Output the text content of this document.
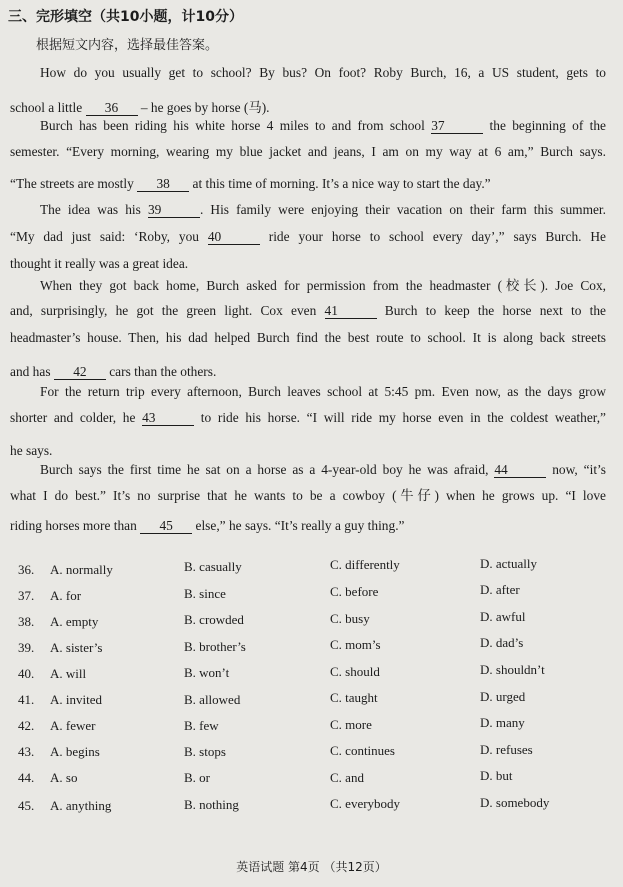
三、完形填空（共10小题，计10分）
根据短文内容，选择最佳答案。
How do you usually get to school? By bus? On foot? Roby Burch, 16, a US student, gets to
school a little 36 – he goes by horse (马).
Burch has been riding his white horse 4 miles to and from school 37	the beginning of the
semester. “Every morning, wearing my blue jacket and jeans, I am on my way at 6 am,” Burch says.
“The streets are mostly 38 at this time of morning. It’s a nice way to start the day.”
The idea was his 39	. His family were enjoying their vacation on their farm this summer.
“My dad just said: ‘Roby, you 40	ride your horse to school every day’,” says Burch. He
thought it really was a great idea.
When they got back home, Burch asked for permission from the headmaster (校长). Joe Cox,
and, surprisingly, he got the green light. Cox even 41	Burch to keep the horse next to the
headmaster’s house. Then, his dad helped Burch find the best route to school. It is along back streets
and has 42 cars than the others.
For the return trip every afternoon, Burch leaves school at 5:45 pm. Even now, as the days grow
shorter and colder, he 43	to ride his horse. “I will ride my horse even in the coldest weather,”
he says.
Burch says the first time he sat on a horse as a 4-year-old boy he was afraid, 44	now, “it’s
what I do best.” It’s no surprise that he wants to be a cowboy (牛仔) when he grows up. “I love
riding horses more than 45 else,” he says. “It’s really a guy thing.”
36. A. normally	B. casually	C. differently	D. actually
37. A. for	B. since	C. before	D. after
38. A. empty	B. crowded	C. busy	D. awful
39. A. sister’s	B. brother’s	C. mom’s	D. dad’s
40. A. will	B. won’t	C. should	D. shouldn’t
41. A. invited	B. allowed	C. taught	D. urged
42. A. fewer	B. few	C. more	D. many
43. A. begins	B. stops	C. continues	D. refuses
44. A. so	B. or	C. and	D. but
45. A. anything	B. nothing	C. everybody	D. somebody
英语试题 第4页 （共12页）
